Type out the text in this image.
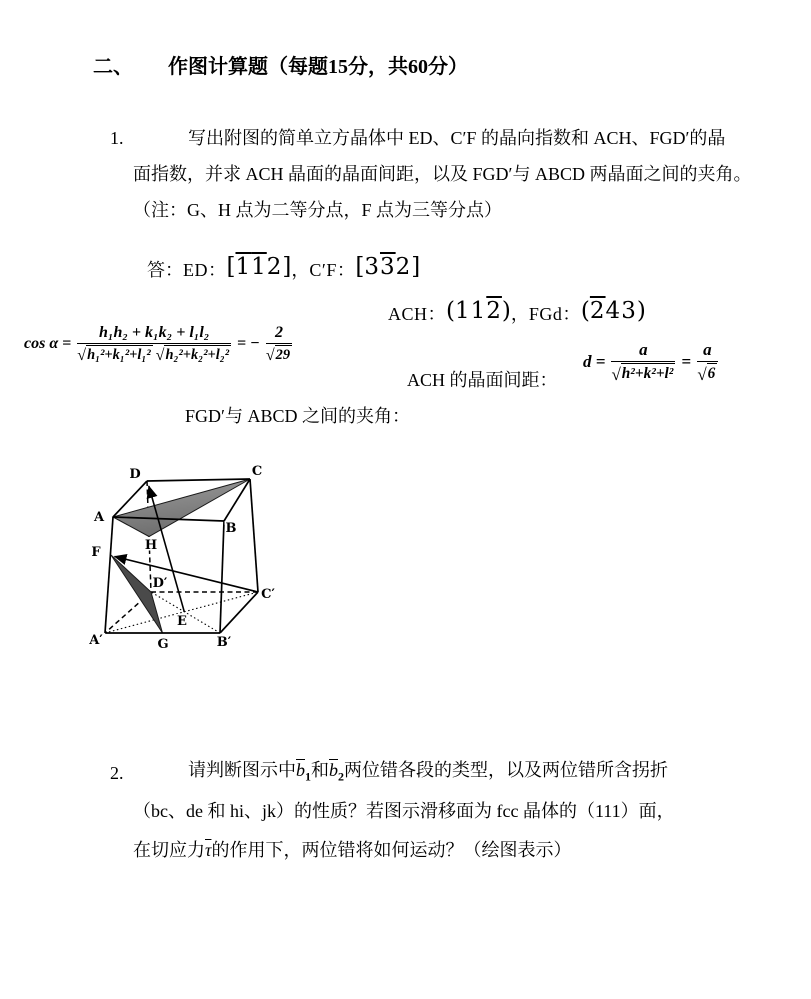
二、 作图计算题（每题15分，共60分）
1.	写出附图的简单立方晶体中 ED、C′F 的晶向指数和 ACH、FGD′的晶
面指数，并求 ACH 晶面的晶面间距，以及 FGD′与 ABCD 两晶面之间的夹角。
（注：G、H 点为二等分点，F 点为三等分点）
答：ED：[112]，C′F：[332]
ACH：(112)，FGd：(243)
$\cos \alpha = \frac{\text{h₁h₂ + k₁k₂ + l₁l₂}}{\text{√ h₁²+k₁²+l₁² √ h₂²+k₂²+l₂²}}$ = − $\frac{2}{√ 29}$
ACH 的晶面间距：
$d = \frac{a}{\text{√ h²+k²+l²}} = \frac{a}{√ 6}$
FGD′与 ABCD 之间的夹角：
D	C
A
B
F	H
D′
C′
A′	G
E
B′
2.	请判断图示中$\overline{b}_1$和$\overline{b}_2$两位错各段的类型，以及两位错所含拐折
（bc、de 和 hi、jk）的性质？若图示滑移面为 fcc 晶体的（111）面，
在切应力$\overline{\tau}$的作用下，两位错将如何运动？（绘图表示）
